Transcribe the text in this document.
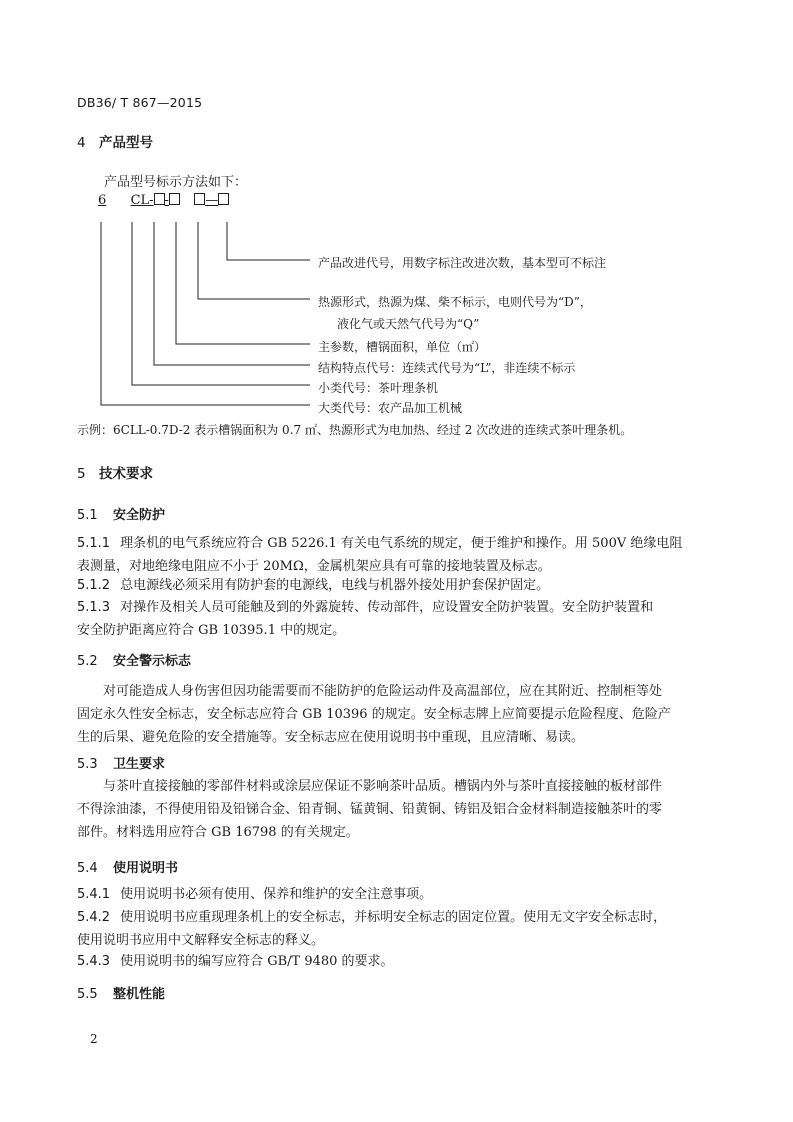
DB36/ T 867—2015
4 产品型号
产品型号标示方法如下：
6 CL- -	—
产品改进代号，用数字标注改进次数，基本型可不标注
热源形式，热源为煤、柴不标示，电则代号为“D”，
液化气或天然气代号为“Q”
主参数，槽锅面积，单位（㎡）
结构特点代号：连续式代号为“L”，非连续不标示
小类代号：茶叶理条机
大类代号：农产品加工机械
示例：6CLL-0.7D-2 表示槽锅面积为 0.7 ㎡、热源形式为电加热、经过 2 次改进的连续式茶叶理条机。
5 技术要求
5.1 安全防护
5.1.1 理条机的电气系统应符合 GB 5226.1 有关电气系统的规定，便于维护和操作。用 500V 绝缘电阻
表测量，对地绝缘电阻应不小于 20MΩ，金属机架应具有可靠的接地装置及标志。
5.1.2 总电源线必须采用有防护套的电源线，电线与机器外接处用护套保护固定。
5.1.3 对操作及相关人员可能触及到的外露旋转、传动部件，应设置安全防护装置。安全防护装置和
安全防护距离应符合 GB 10395.1 中的规定。
5.2 安全警示标志
对可能造成人身伤害但因功能需要而不能防护的危险运动件及高温部位，应在其附近、控制柜等处
固定永久性安全标志，安全标志应符合 GB 10396 的规定。安全标志牌上应简要提示危险程度、危险产
生的后果、避免危险的安全措施等。安全标志应在使用说明书中重现，且应清晰、易读。
5.3 卫生要求
与茶叶直接接触的零部件材料或涂层应保证不影响茶叶品质。槽锅内外与茶叶直接接触的板材部件
不得涂油漆，不得使用铅及铅锑合金、铅青铜、锰黄铜、铅黄铜、铸铝及铝合金材料制造接触茶叶的零
部件。材料选用应符合 GB 16798 的有关规定。
5.4 使用说明书
5.4.1 使用说明书必须有使用、保养和维护的安全注意事项。
5.4.2 使用说明书应重现理条机上的安全标志，并标明安全标志的固定位置。使用无文字安全标志时，
使用说明书应用中文解释安全标志的释义。
5.4.3 使用说明书的编写应符合 GB/T 9480 的要求。
5.5 整机性能
2
